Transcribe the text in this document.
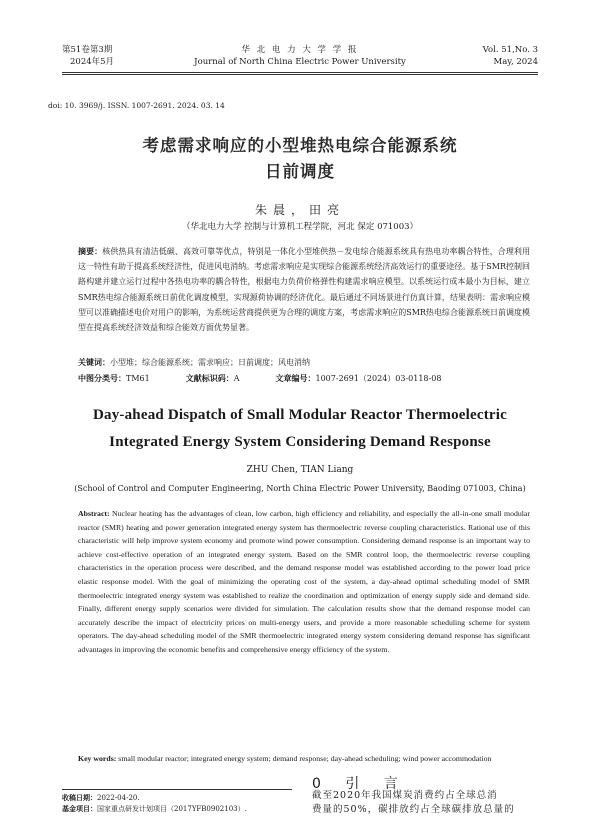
第51卷第3期
2024年5月
华 北 电 力 大 学 学 报
Journal of North China Electric Power University
Vol. 51,No. 3
May, 2024
doi: 10. 3969/j. ISSN. 1007-2691. 2024. 03. 14
考虑需求响应的小型堆热电综合能源系统
日前调度
朱晨，田亮
（华北电力大学 控制与计算机工程学院，河北 保定 071003）
摘要：核供热具有清洁低碳、高效可靠等优点，特别是一体化小型堆供热－发电综合能源系统具有热电功率耦合特性，合理利用这一特性有助于提高系统经济性，促进风电消纳。考虑需求响应是实现综合能源系统经济高效运行的重要途径。基于SMR控制回路构建并建立运行过程中各热电功率的耦合特性，根据电力负荷价格弹性构建需求响应模型。以系统运行成本最小为目标，建立SMR热电综合能源系统日前优化调度模型，实现源荷协调的经济优化。最后通过不同场景进行仿真计算，结果表明：需求响应模型可以准确描述电价对用户的影响，为系统运营商提供更为合理的调度方案，考虑需求响应的SMR热电综合能源系统日前调度模型在提高系统经济效益和综合能效方面优势显著。
关键词：小型堆；综合能源系统；需求响应；日前调度；风电消纳
中图分类号：TM61	文献标识码：A	文章编号：1007-2691（2024）03-0118-08
Day-ahead Dispatch of Small Modular Reactor Thermoelectric
Integrated Energy System Considering Demand Response
ZHU Chen, TIAN Liang
(School of Control and Computer Engineering, North China Electric Power University, Baoding 071003, China)
Abstract: Nuclear heating has the advantages of clean, low carbon, high efficiency and reliability, and especially the all-in-one small modular reactor (SMR) heating and power generation integrated energy system has thermoelectric reverse coupling characteristics. Rational use of this characteristic will help improve system economy and promote wind power consumption. Considering demand response is an important way to achieve cost-effective operation of an integrated energy system. Based on the SMR control loop, the thermoelectric reverse coupling characteristics in the operation process were described, and the demand response model was established according to the power load price elastic response model. With the goal of minimizing the operating cost of the system, a day-ahead optimal scheduling model of SMR thermoelectric integrated energy system was established to realize the coordination and optimization of energy supply side and demand side. Finally, different energy supply scenarios were divided for simulation. The calculation results show that the demand response model can accurately describe the impact of electricity prices on multi-energy users, and provide a more reasonable scheduling scheme for system operators. The day-ahead scheduling model of the SMR thermoelectric integrated energy system considering demand response has significant advantages in improving the economic benefits and comprehensive energy efficiency of the system.
Key words: small modular reactor; integrated energy system; demand response; day-ahead scheduling; wind power accommodation
0 引 言
截至2020年我国煤炭消费约占全球总消
费量的50%，碳排放约占全球碳排放总量的
收稿日期：2022-04-20.
基金项目：国家重点研发计划项目（2017YFB0902103）.
